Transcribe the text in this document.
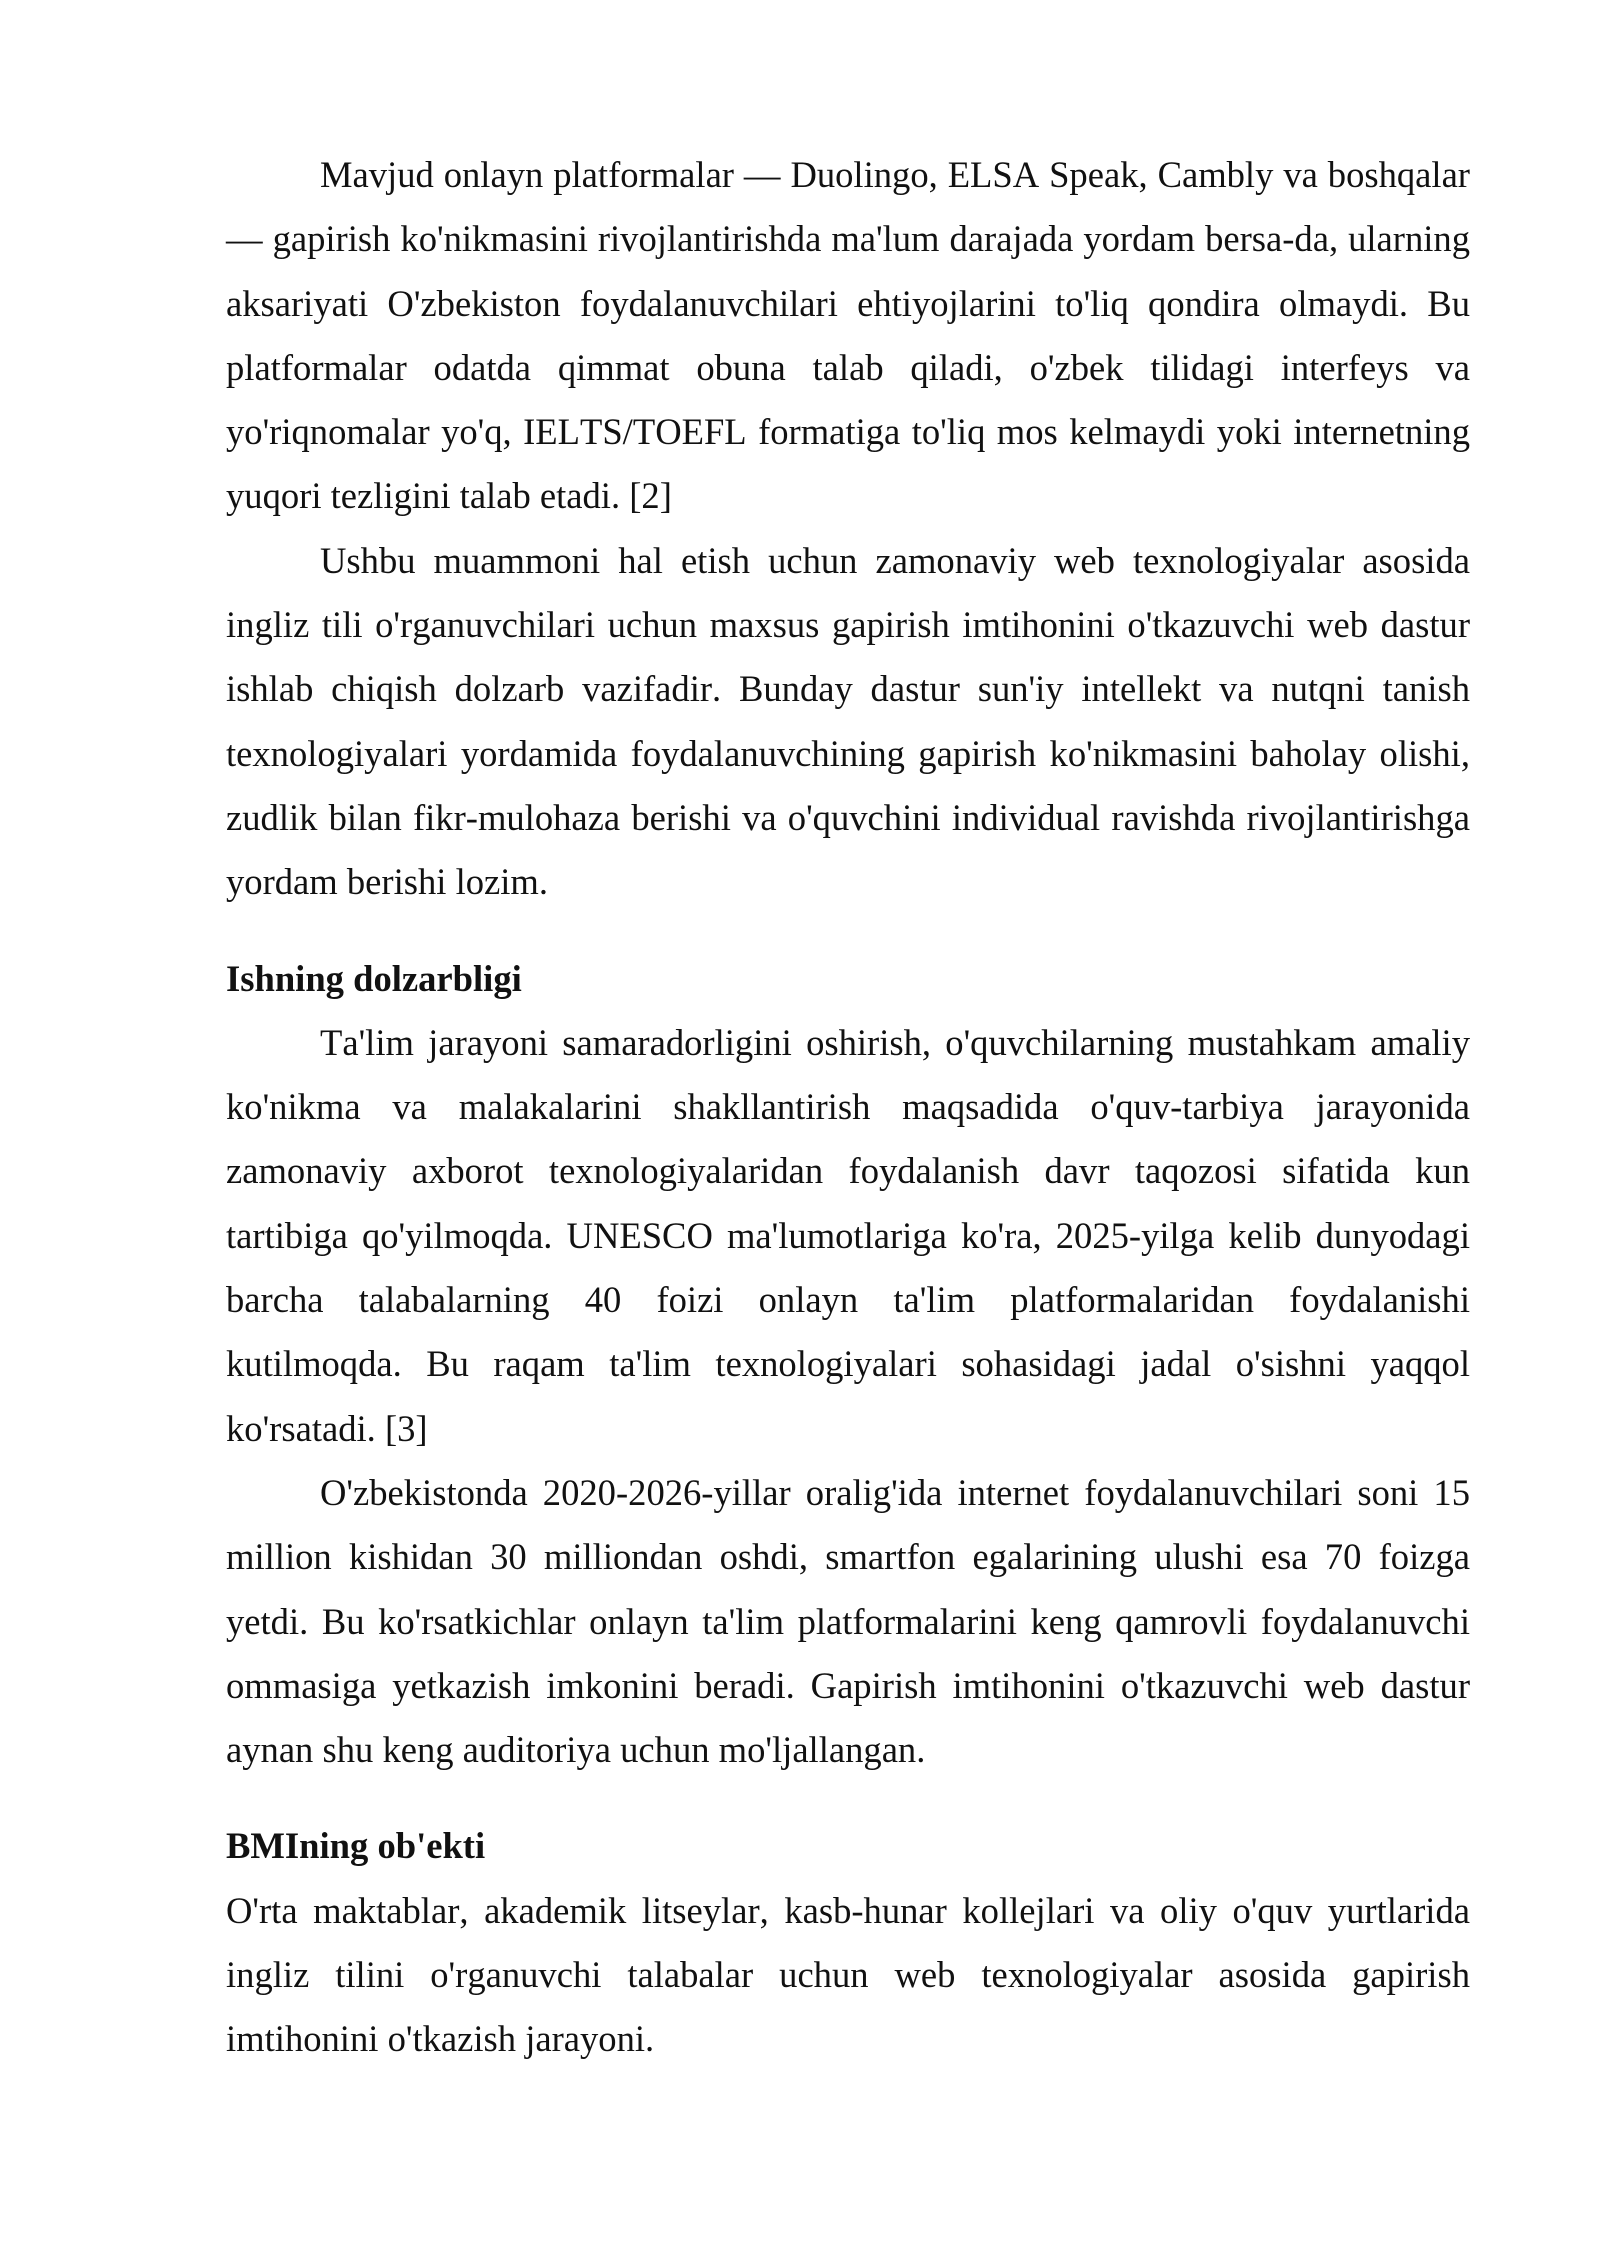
Mavjud onlayn platformalar — Duolingo, ELSA Speak, Cambly va boshqalar
— gapirish ko'nikmasini rivojlantirishda ma'lum darajada yordam bersa-da, ularning
aksariyati O'zbekiston foydalanuvchilari ehtiyojlarini to'liq qondira olmaydi. Bu
platformalar odatda qimmat obuna talab qiladi, o'zbek tilidagi interfeys va
yo'riqnomalar yo'q, IELTS/TOEFL formatiga to'liq mos kelmaydi yoki internetning
yuqori tezligini talab etadi. [2]
Ushbu muammoni hal etish uchun zamonaviy web texnologiyalar asosida
ingliz tili o'rganuvchilari uchun maxsus gapirish imtihonini o'tkazuvchi web dastur
ishlab chiqish dolzarb vazifadir. Bunday dastur sun'iy intellekt va nutqni tanish
texnologiyalari yordamida foydalanuvchining gapirish ko'nikmasini baholay olishi,
zudlik bilan fikr-mulohaza berishi va o'quvchini individual ravishda rivojlantirishga
yordam berishi lozim.
Ishning dolzarbligi
Ta'lim jarayoni samaradorligini oshirish, o'quvchilarning mustahkam amaliy
ko'nikma va malakalarini shakllantirish maqsadida o'quv-tarbiya jarayonida
zamonaviy axborot texnologiyalaridan foydalanish davr taqozosi sifatida kun
tartibiga qo'yilmoqda. UNESCO ma'lumotlariga ko'ra, 2025-yilga kelib dunyodagi
barcha talabalarning 40 foizi onlayn ta'lim platformalaridan foydalanishi
kutilmoqda. Bu raqam ta'lim texnologiyalari sohasidagi jadal o'sishni yaqqol
ko'rsatadi. [3]
O'zbekistonda 2020-2026-yillar oralig'ida internet foydalanuvchilari soni 15
million kishidan 30 milliondan oshdi, smartfon egalarining ulushi esa 70 foizga
yetdi. Bu ko'rsatkichlar onlayn ta'lim platformalarini keng qamrovli foydalanuvchi
ommasiga yetkazish imkonini beradi. Gapirish imtihonini o'tkazuvchi web dastur
aynan shu keng auditoriya uchun mo'ljallangan.
BMIning ob'ekti
O'rta maktablar, akademik litseylar, kasb-hunar kollejlari va oliy o'quv yurtlarida
ingliz tilini o'rganuvchi talabalar uchun web texnologiyalar asosida gapirish
imtihonini o'tkazish jarayoni.
